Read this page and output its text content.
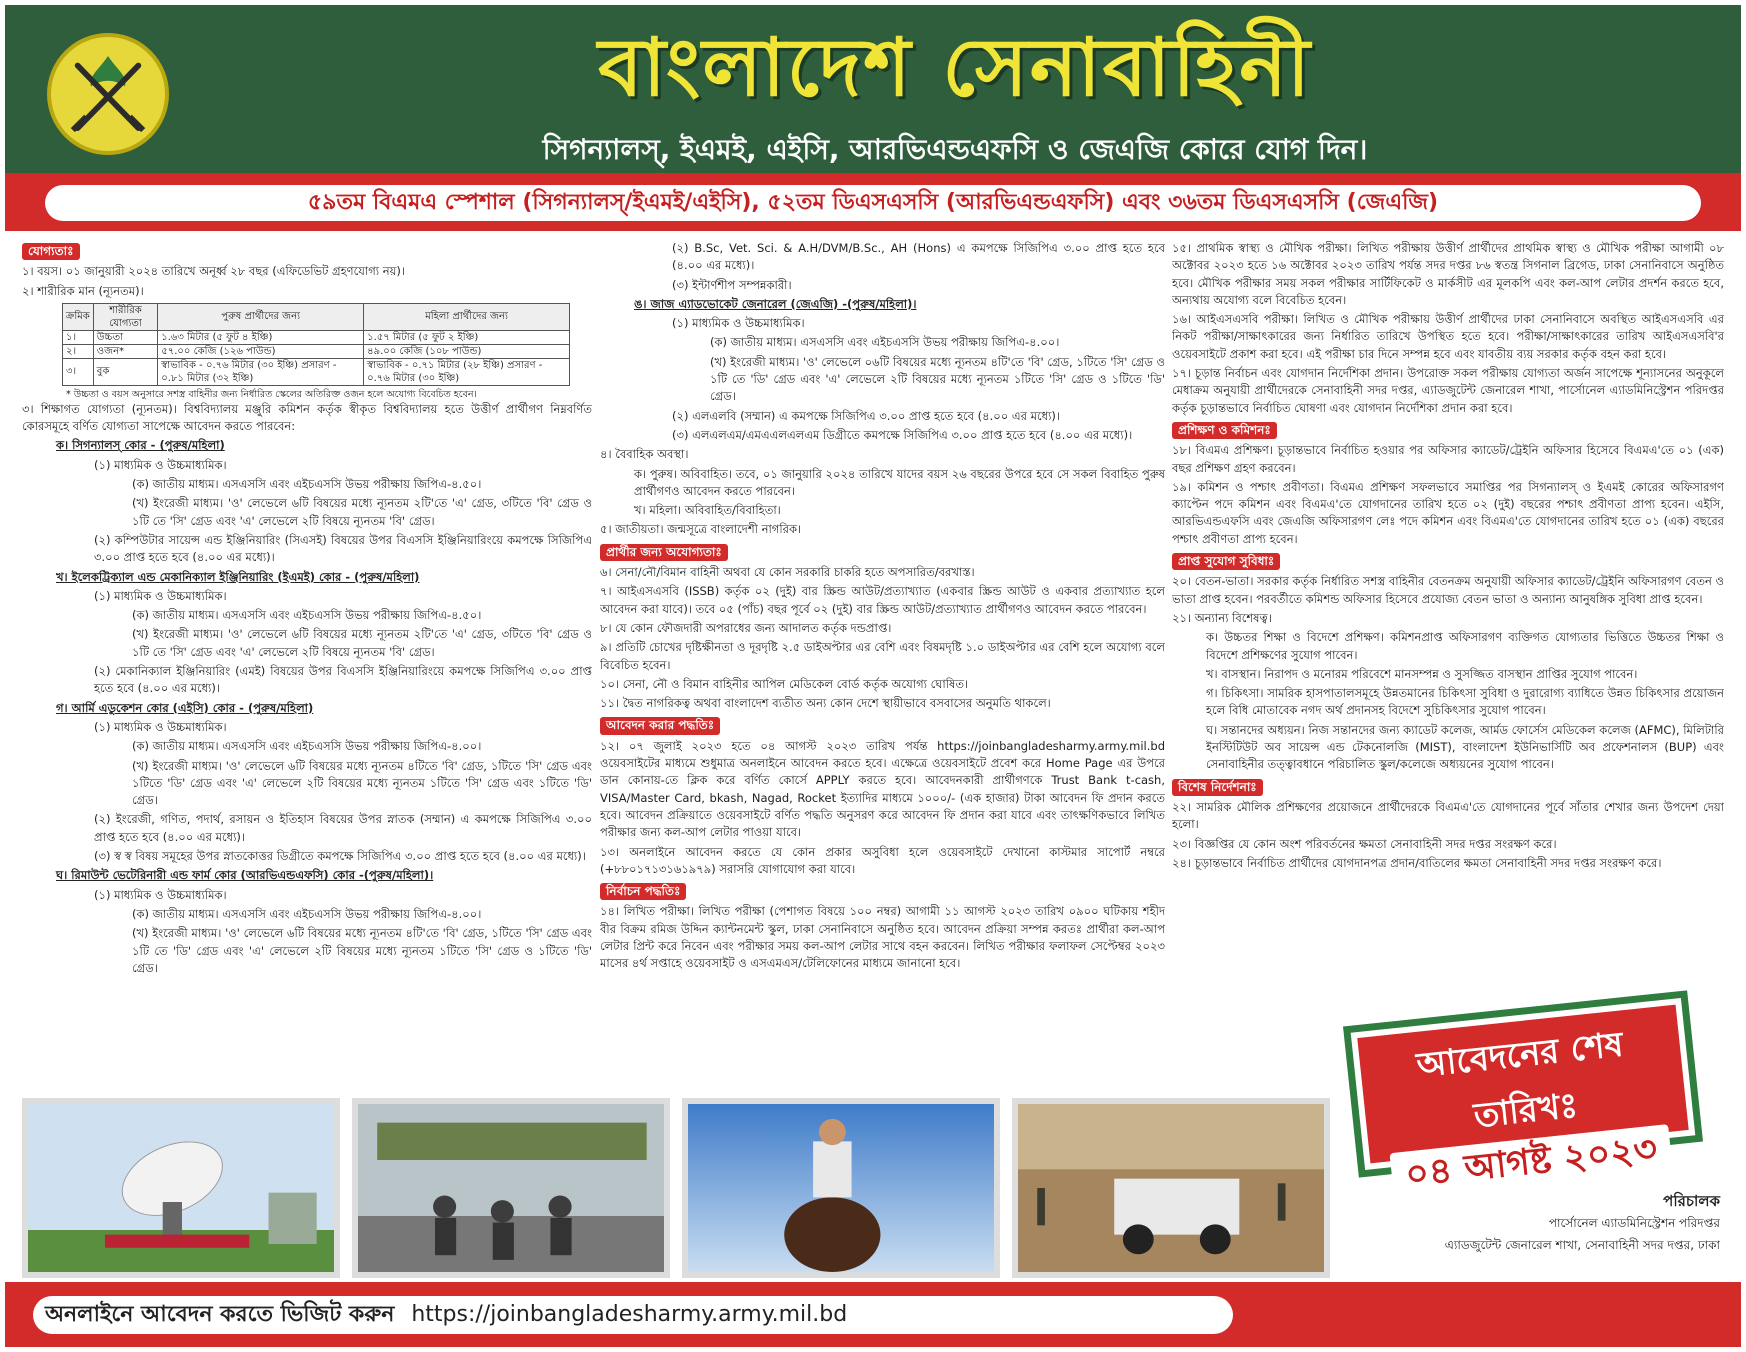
বাংলাদেশ সেনাবাহিনী
সিগন্যালস্, ইএমই, এইসি, আরভিএন্ডএফসি ও জেএজি কোরে যোগ দিন।
৫৯তম বিএমএ স্পেশাল (সিগন্যালস্/ইএমই/এইসি), ৫২তম ডিএসএসসি (আরভিএন্ডএফসি) এবং ৩৬তম ডিএসএসসি (জেএজি)
যোগ্যতাঃ
১। বয়স। ০১ জানুয়ারী ২০২৪ তারিখে অনূর্ধ্ব ২৮ বছর (এফিডেভিট গ্রহণযোগ্য নয়)।
২। শারীরিক মান (ন্যূনতম)।
ক্রমিক	শারীরিক যোগ্যতা	পুরুষ প্রার্থীদের জন্য	মহিলা প্রার্থীদের জন্য
১।	উচ্চতা	১.৬৩ মিটার (৫ ফুট ৪ ইঞ্চি)	১.৫৭ মিটার (৫ ফুট ২ ইঞ্চি)
২।	ওজন*	৫৭.০০ কেজি (১২৬ পাউন্ড)	৪৯.০০ কেজি (১০৮ পাউন্ড)
৩।	বুক	স্বাভাবিক - ০.৭৬ মিটার (৩০ ইঞ্চি) প্রসারণ - ০.৮১ মিটার (৩২ ইঞ্চি)	স্বাভাবিক - ০.৭১ মিটার (২৮ ইঞ্চি) প্রসারণ - ০.৭৬ মিটার (৩০ ইঞ্চি)
* উচ্চতা ও বয়স অনুসারে সশস্ত্র বাহিনীর জন্য নির্ধারিত স্কেলের অতিরিক্ত ওজন হলে অযোগ্য বিবেচিত হবেন।
৩। শিক্ষাগত যোগ্যতা (ন্যূনতম)। বিশ্ববিদ্যালয় মঞ্জুরি কমিশন কর্তৃক স্বীকৃত বিশ্ববিদ্যালয় হতে উত্তীর্ণ প্রার্থীগণ নিম্নবর্ণিত কোরসমূহে বর্ণিত যোগ্যতা সাপেক্ষে আবেদন করতে পারবেন:
ক। সিগন্যালস্ কোর - (পুরুষ/মহিলা)
(১) মাধ্যমিক ও উচ্চমাধ্যমিক।
(ক) জাতীয় মাধ্যম। এসএসসি এবং এইচএসসি উভয় পরীক্ষায় জিপিএ-৪.৫০।
(খ) ইংরেজী মাধ্যম। 'ও' লেভেলে ৬টি বিষয়ের মধ্যে ন্যূনতম ২টি'তে 'এ' গ্রেড, ৩টিতে 'বি' গ্রেড ও ১টি তে 'সি' গ্রেড এবং 'এ' লেভেলে ২টি বিষয়ে ন্যূনতম 'বি' গ্রেড।
(২) কম্পিউটার সায়েন্স এন্ড ইঞ্জিনিয়ারিং (সিএসই) বিষয়ের উপর বিএসসি ইঞ্জিনিয়ারিংয়ে কমপক্ষে সিজিপিএ ৩.০০ প্রাপ্ত হতে হবে (৪.০০ এর মধ্যে)।
খ। ইলেকট্রিক্যাল এন্ড মেকানিক্যাল ইঞ্জিনিয়ারিং (ইএমই) কোর - (পুরুষ/মহিলা)
(১) মাধ্যমিক ও উচ্চমাধ্যমিক।
(ক) জাতীয় মাধ্যম। এসএসসি এবং এইচএসসি উভয় পরীক্ষায় জিপিএ-৪.৫০।
(খ) ইংরেজী মাধ্যম। 'ও' লেভেলে ৬টি বিষয়ের মধ্যে ন্যূনতম ২টি'তে 'এ' গ্রেড, ৩টিতে 'বি' গ্রেড ও ১টি তে 'সি' গ্রেড এবং 'এ' লেভেলে ২টি বিষয়ে ন্যূনতম 'বি' গ্রেড।
(২) মেকানিক্যাল ইঞ্জিনিয়ারিং (এমই) বিষয়ের উপর বিএসসি ইঞ্জিনিয়ারিংয়ে কমপক্ষে সিজিপিএ ৩.০০ প্রাপ্ত হতে হবে (৪.০০ এর মধ্যে)।
গ। আর্মি এডুকেশন কোর (এইসি) কোর - (পুরুষ/মহিলা)
(১) মাধ্যমিক ও উচ্চমাধ্যমিক।
(ক) জাতীয় মাধ্যম। এসএসসি এবং এইচএসসি উভয় পরীক্ষায় জিপিএ-৪.০০।
(খ) ইংরেজী মাধ্যম। 'ও' লেভেলে ৬টি বিষয়ের মধ্যে ন্যূনতম ৪টিতে 'বি' গ্রেড, ১টিতে 'সি' গ্রেড এবং ১টিতে 'ডি' গ্রেড এবং 'এ' লেভেলে ২টি বিষয়ের মধ্যে ন্যূনতম ১টিতে 'সি' গ্রেড এবং ১টিতে 'ডি' গ্রেড।
(২) ইংরেজী, গণিত, পদার্থ, রসায়ন ও ইতিহাস বিষয়ের উপর স্নাতক (সম্মান) এ কমপক্ষে সিজিপিএ ৩.০০ প্রাপ্ত হতে হবে (৪.০০ এর মধ্যে)।
(৩) স্ব স্ব বিষয় সমূহের উপর স্নাতকোত্তর ডিগ্রীতে কমপক্ষে সিজিপিএ ৩.০০ প্রাপ্ত হতে হবে (৪.০০ এর মধ্যে)।
ঘ। রিমাউন্ট ভেটেরিনারী এন্ড ফার্ম কোর (আরভিএন্ডএফসি) কোর -(পুরুষ/মহিলা)।
(১) মাধ্যমিক ও উচ্চমাধ্যমিক।
(ক) জাতীয় মাধ্যম। এসএসসি এবং এইচএসসি উভয় পরীক্ষায় জিপিএ-৪.০০।
(খ) ইংরেজী মাধ্যম। 'ও' লেভেলে ৬টি বিষয়ের মধ্যে ন্যূনতম ৪টি'তে 'বি' গ্রেড, ১টিতে 'সি' গ্রেড এবং ১টি তে 'ডি' গ্রেড এবং 'এ' লেভেলে ২টি বিষয়ের মধ্যে ন্যূনতম ১টিতে 'সি' গ্রেড ও ১টিতে 'ডি' গ্রেড।
(২) B.Sc, Vet. Sci. & A.H/DVM/B.Sc., AH (Hons) এ কমপক্ষে সিজিপিএ ৩.০০ প্রাপ্ত হতে হবে (৪.০০ এর মধ্যে)।
(৩) ইন্টার্ণশীপ সম্পন্নকারী।
ঙ। জাজ এ্যাডভোকেট জেনারেল (জেএজি) -(পুরুষ/মহিলা)।
(১) মাধ্যমিক ও উচ্চমাধ্যমিক।
(ক) জাতীয় মাধ্যম। এসএসসি এবং এইচএসসি উভয় পরীক্ষায় জিপিএ-৪.০০।
(খ) ইংরেজী মাধ্যম। 'ও' লেভেলে ০৬টি বিষয়ের মধ্যে ন্যূনতম ৪টি'তে 'বি' গ্রেড, ১টিতে 'সি' গ্রেড ও ১টি তে 'ডি' গ্রেড এবং 'এ' লেভেলে ২টি বিষয়ের মধ্যে ন্যূনতম ১টিতে 'সি' গ্রেড ও ১টিতে 'ডি' গ্রেড।
(২) এলএলবি (সম্মান) এ কমপক্ষে সিজিপিএ ৩.০০ প্রাপ্ত হতে হবে (৪.০০ এর মধ্যে)।
(৩) এলএলএম/এমএএলএলএম ডিগ্রীতে কমপক্ষে সিজিপিএ ৩.০০ প্রাপ্ত হতে হবে (৪.০০ এর মধ্যে)।
৪। বৈবাহিক অবস্থা।
ক। পুরুষ। অবিবাহিত। তবে, ০১ জানুয়ারি ২০২৪ তারিখে যাদের বয়স ২৬ বছরের উপরে হবে সে সকল বিবাহিত পুরুষ প্রার্থীগণও আবেদন করতে পারবেন।
খ। মহিলা। অবিবাহিত/বিবাহিতা।
৫। জাতীয়তা। জন্মসূত্রে বাংলাদেশী নাগরিক।
প্রার্থীর জন্য অযোগ্যতাঃ
৬। সেনা/নৌ/বিমান বাহিনী অথবা যে কোন সরকারি চাকরি হতে অপসারিত/বরখাস্ত।
৭। আইএসএসবি (ISSB) কর্তৃক ০২ (দুই) বার স্ক্রিন্ড আউট/প্রত্যাখ্যাত (একবার স্ক্রিন্ড আউট ও একবার প্রত্যাখ্যাত হলে আবেদন করা যাবে)। তবে ০৫ (পাঁচ) বছর পূর্বে ০২ (দুই) বার স্ক্রিন্ড আউট/প্রত্যাখ্যাত প্রার্থীগণও আবেদন করতে পারবেন।
৮। যে কোন ফৌজদারী অপরাধের জন্য আদালত কর্তৃক দন্ডপ্রাপ্ত।
৯। প্রতিটি চোখের দৃষ্টিক্ষীনতা ও দূরদৃষ্টি ২.৫ ডাইঅপ্টার এর বেশি এবং বিষমদৃষ্টি ১.০ ডাইঅপ্টার এর বেশি হলে অযোগ্য বলে বিবেচিত হবেন।
১০। সেনা, নৌ ও বিমান বাহিনীর আপিল মেডিকেল বোর্ড কর্তৃক অযোগ্য ঘোষিত।
১১। দ্বৈত নাগরিকত্ব অথবা বাংলাদেশ ব্যতীত অন্য কোন দেশে স্থায়ীভাবে বসবাসের অনুমতি থাকলে।
আবেদন করার পদ্ধতিঃ
১২। ০৭ জুলাই ২০২৩ হতে ০৪ আগস্ট ২০২৩ তারিখ পর্যন্ত https://joinbangladesharmy.army.mil.bd ওয়েবসাইটের মাধ্যমে শুধুমাত্র অনলাইনে আবেদন করতে হবে। এক্ষেত্রে ওয়েবসাইটে প্রবেশ করে Home Page এর উপরে ডান কোনায়-তে ক্লিক করে বর্ণিত কোর্সে APPLY করতে হবে। আবেদনকারী প্রার্থীগণকে Trust Bank t-cash, VISA/Master Card, bkash, Nagad, Rocket ইত্যাদির মাধ্যমে ১০০০/- (এক হাজার) টাকা আবেদন ফি প্রদান করতে হবে। আবেদন প্রক্রিয়াতে ওয়েবসাইটে বর্ণিত পদ্ধতি অনুসরণ করে আবেদন ফি প্রদান করা যাবে এবং তাৎক্ষণিকভাবে লিখিত পরীক্ষার জন্য কল-আপ লেটার পাওয়া যাবে।
১৩। অনলাইনে আবেদন করতে যে কোন প্রকার অসুবিধা হলে ওয়েবসাইটে দেখানো কাস্টমার সাপোর্ট নম্বরে (+৮৮০১৭১৩১৬১৯৭৯) সরাসরি যোগাযোগ করা যাবে।
নির্বাচন পদ্ধতিঃ
১৪। লিখিত পরীক্ষা। লিখিত পরীক্ষা (পেশাগত বিষয়ে ১০০ নম্বর) আগামী ১১ আগস্ট ২০২৩ তারিখ ০৯০০ ঘটিকায় শহীদ বীর বিক্রম রমিজ উদ্দিন ক্যান্টনমেন্ট স্কুল, ঢাকা সেনানিবাসে অনুষ্ঠিত হবে। আবেদন প্রক্রিয়া সম্পন্ন করতঃ প্রার্থীরা কল-আপ লেটার প্রিন্ট করে নিবেন এবং পরীক্ষার সময় কল-আপ লেটার সাথে বহন করবেন। লিখিত পরীক্ষার ফলাফল সেপ্টেম্বর ২০২৩ মাসের ৪র্থ সপ্তাহে ওয়েবসাইট ও এসএমএস/টেলিফোনের মাধ্যমে জানানো হবে।
১৫। প্রাথমিক স্বাস্থ্য ও মৌখিক পরীক্ষা। লিখিত পরীক্ষায় উত্তীর্ণ প্রার্থীদের প্রাথমিক স্বাস্থ্য ও মৌখিক পরীক্ষা আগামী ০৮ অক্টোবর ২০২৩ হতে ১৬ অক্টোবর ২০২৩ তারিখ পর্যন্ত সদর দপ্তর ৮৬ স্বতন্ত্র সিগনাল ব্রিগেড, ঢাকা সেনানিবাসে অনুষ্ঠিত হবে। মৌখিক পরীক্ষার সময় সকল পরীক্ষার সার্টিফিকেট ও মার্কসীট এর মূলকপি এবং কল-আপ লেটার প্রদর্শন করতে হবে, অন্যথায় অযোগ্য বলে বিবেচিত হবেন।
১৬। আইএসএসবি পরীক্ষা। লিখিত ও মৌখিক পরীক্ষায় উত্তীর্ণ প্রার্থীদের ঢাকা সেনানিবাসে অবস্থিত আইএসএসবি এর নিকট পরীক্ষা/সাক্ষাৎকারের জন্য নির্ধারিত তারিখে উপস্থিত হতে হবে। পরীক্ষা/সাক্ষাৎকারের তারিখ আইএসএসবি'র ওয়েবসাইটে প্রকাশ করা হবে। এই পরীক্ষা চার দিনে সম্পন্ন হবে এবং যাবতীয় ব্যয় সরকার কর্তৃক বহন করা হবে।
১৭। চূড়ান্ত নির্বাচন এবং যোগদান নির্দেশিকা প্রদান। উপরোক্ত সকল পরীক্ষায় যোগ্যতা অর্জন সাপেক্ষে শূন্যাসনের অনুকূলে মেধাক্রম অনুযায়ী প্রার্থীদেরকে সেনাবাহিনী সদর দপ্তর, এ্যাডজুটেন্ট জেনারেল শাখা, পার্সোনেল এ্যাডমিনিস্ট্রেশন পরিদপ্তর কর্তৃক চূড়ান্তভাবে নির্বাচিত ঘোষণা এবং যোগদান নির্দেশিকা প্রদান করা হবে।
প্রশিক্ষণ ও কমিশনঃ
১৮। বিএমএ প্রশিক্ষণ। চূড়ান্তভাবে নির্বাচিত হওয়ার পর অফিসার ক্যাডেট/ট্রেইনি অফিসার হিসেবে বিএমএ'তে ০১ (এক) বছর প্রশিক্ষণ গ্রহণ করবেন।
১৯। কমিশন ও পশ্চাৎ প্রবীণতা। বিএমএ প্রশিক্ষণ সফলভাবে সমাপ্তির পর সিগন্যালস্ ও ইএমই কোরের অফিসারগণ ক্যাপ্টেন পদে কমিশন এবং বিএমএ'তে যোগদানের তারিখ হতে ০২ (দুই) বছরের পশ্চাৎ প্রবীণতা প্রাপ্য হবেন। এইসি, আরভিএন্ডএফসি এবং জেএজি অফিসারগণ লেঃ পদে কমিশন এবং বিএমএ'তে যোগদানের তারিখ হতে ০১ (এক) বছরের পশ্চাৎ প্রবীণতা প্রাপ্য হবেন।
প্রাপ্ত সুযোগ সুবিধাঃ
২০। বেতন-ভাতা। সরকার কর্তৃক নির্ধারিত সশস্ত্র বাহিনীর বেতনক্রম অনুযায়ী অফিসার ক্যাডেট/ট্রেইনি অফিসারগণ বেতন ও ভাতা প্রাপ্ত হবেন। পরবর্তীতে কমিশন্ড অফিসার হিসেবে প্রযোজ্য বেতন ভাতা ও অন্যান্য আনুষঙ্গিক সুবিধা প্রাপ্ত হবেন।
২১। অন্যান্য বিশেষত্ব।
ক। উচ্চতর শিক্ষা ও বিদেশে প্রশিক্ষণ। কমিশনপ্রাপ্ত অফিসারগণ ব্যক্তিগত যোগ্যতার ভিত্তিতে উচ্চতর শিক্ষা ও বিদেশে প্রশিক্ষণের সুযোগ পাবেন।
খ। বাসস্থান। নিরাপদ ও মনোরম পরিবেশে মানসম্পন্ন ও সুসজ্জিত বাসস্থান প্রাপ্তির সুযোগ পাবেন।
গ। চিকিৎসা। সামরিক হাসপাতালসমূহে উন্নতমানের চিকিৎসা সুবিধা ও দুরারোগ্য ব্যাধিতে উন্নত চিকিৎসার প্রয়োজন হলে বিধি মোতাবেক নগদ অর্থ প্রদানসহ বিদেশে সুচিকিৎসার সুযোগ পাবেন।
ঘ। সন্তানদের অধ্যয়ন। নিজ সন্তানদের জন্য ক্যাডেট কলেজ, আর্মড ফোর্সেস মেডিকেল কলেজ (AFMC), মিলিটারি ইনস্টিটিউট অব সায়েন্স এন্ড টেকনোলজি (MIST), বাংলাদেশ ইউনিভার্সিটি অব প্রফেশনালস (BUP) এবং সেনাবাহিনীর তত্ত্বাবধানে পরিচালিত স্কুল/কলেজে অধ্যয়নের সুযোগ পাবেন।
বিশেষ নির্দেশনাঃ
২২। সামরিক মৌলিক প্রশিক্ষণের প্রয়োজনে প্রার্থীদেরকে বিএমএ'তে যোগদানের পূর্বে সাঁতার শেখার জন্য উপদেশ দেয়া হলো।
২৩। বিজ্ঞপ্তির যে কোন অংশ পরিবর্তনের ক্ষমতা সেনাবাহিনী সদর দপ্তর সংরক্ষণ করে।
২৪। চূড়ান্তভাবে নির্বাচিত প্রার্থীদের যোগদানপত্র প্রদান/বাতিলের ক্ষমতা সেনাবাহিনী সদর দপ্তর সংরক্ষণ করে।
আবেদনের শেষ তারিখঃ
০৪ আগষ্ট ২০২৩
পরিচালক
পার্সোনেল এ্যাডমিনিস্ট্রেশন পরিদপ্তর
এ্যাডজুটেন্ট জেনারেল শাখা, সেনাবাহিনী সদর দপ্তর, ঢাকা
অনলাইনে আবেদন করতে ভিজিট করুন https://joinbangladesharmy.army.mil.bd
